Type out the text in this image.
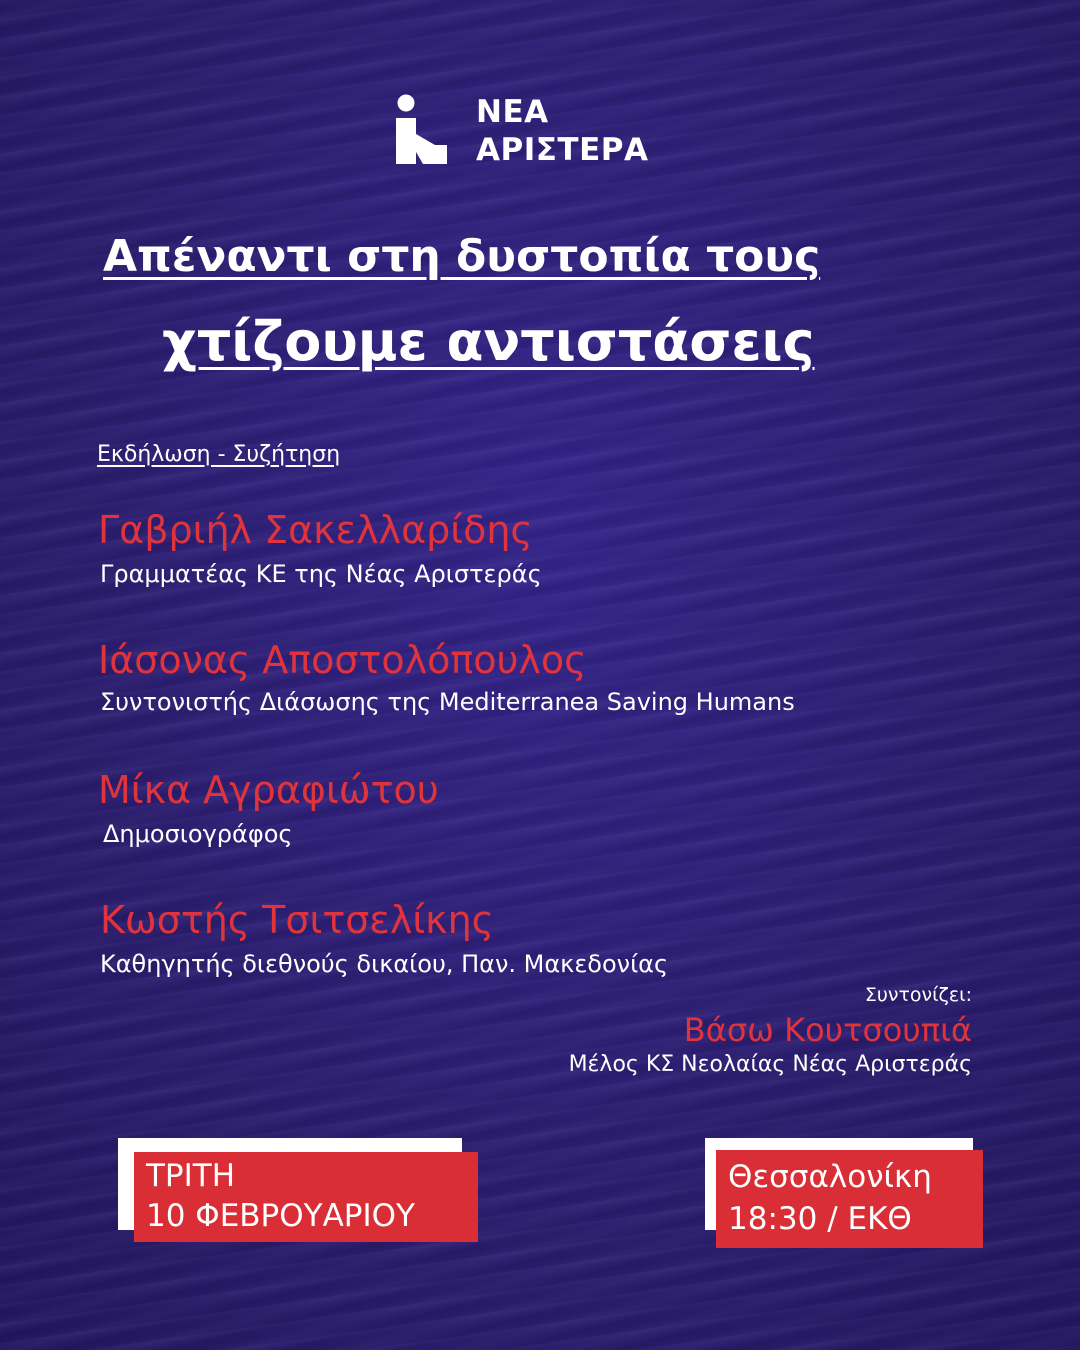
ΝΕΑ
ΑΡΙΣΤΕΡΑ
Απέναντι στη δυστοπία τους
χτίζουμε αντιστάσεις
Εκδήλωση - Συζήτηση
Γαβριήλ Σακελλαρίδης
Γραμματέας ΚΕ της Νέας Αριστεράς
Ιάσονας Αποστολόπουλος
Συντονιστής Διάσωσης της Mediterranea Saving Humans
Μίκα Αγραφιώτου
Δημοσιογράφος
Κωστής Τσιτσελίκης
Καθηγητής διεθνούς δικαίου, Παν. Μακεδονίας
Συντονίζει:
Βάσω Κουτσουπιά
Μέλος ΚΣ Νεολαίας Νέας Αριστεράς
ΤΡΙΤΗ
10 ΦΕΒΡΟΥΑΡΙΟΥ
Θεσσαλονίκη
18:30 / ΕΚΘ
